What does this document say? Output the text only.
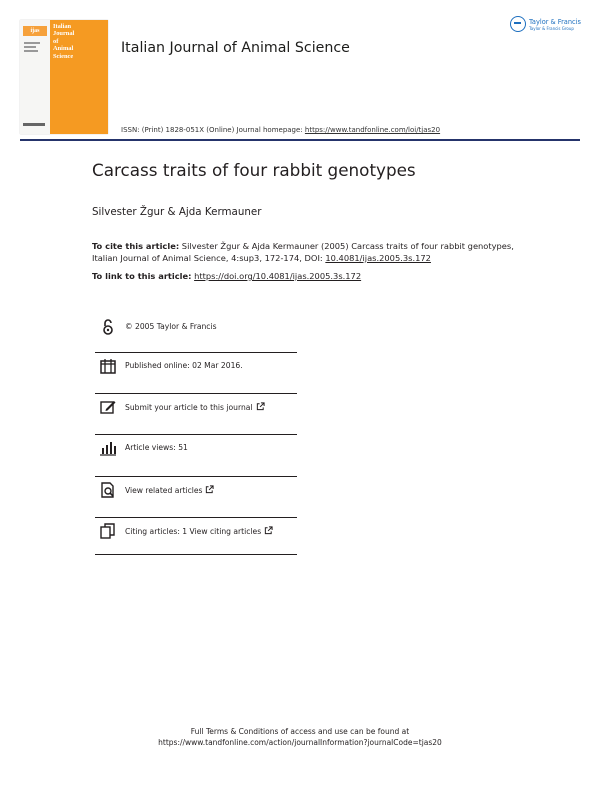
ijas
Italian
Journal
of
Animal
Science
Italian Journal of Animal Science
Taylor & Francis
Taylor & Francis Group
ISSN: (Print) 1828-051X (Online) Journal homepage: https://www.tandfonline.com/loi/tjas20
Carcass traits of four rabbit genotypes
Silvester Žgur & Ajda Kermauner
To cite this article: Silvester Žgur & Ajda Kermauner (2005) Carcass traits of four rabbit genotypes, Italian Journal of Animal Science, 4:sup3, 172-174, DOI: 10.4081/ijas.2005.3s.172
To link to this article: https://doi.org/10.4081/ijas.2005.3s.172
© 2005 Taylor & Francis
Published online: 02 Mar 2016.
Submit your article to this journal
Article views: 51
View related articles
Citing articles: 1 View citing articles
Full Terms & Conditions of access and use can be found at
https://www.tandfonline.com/action/journalInformation?journalCode=tjas20
